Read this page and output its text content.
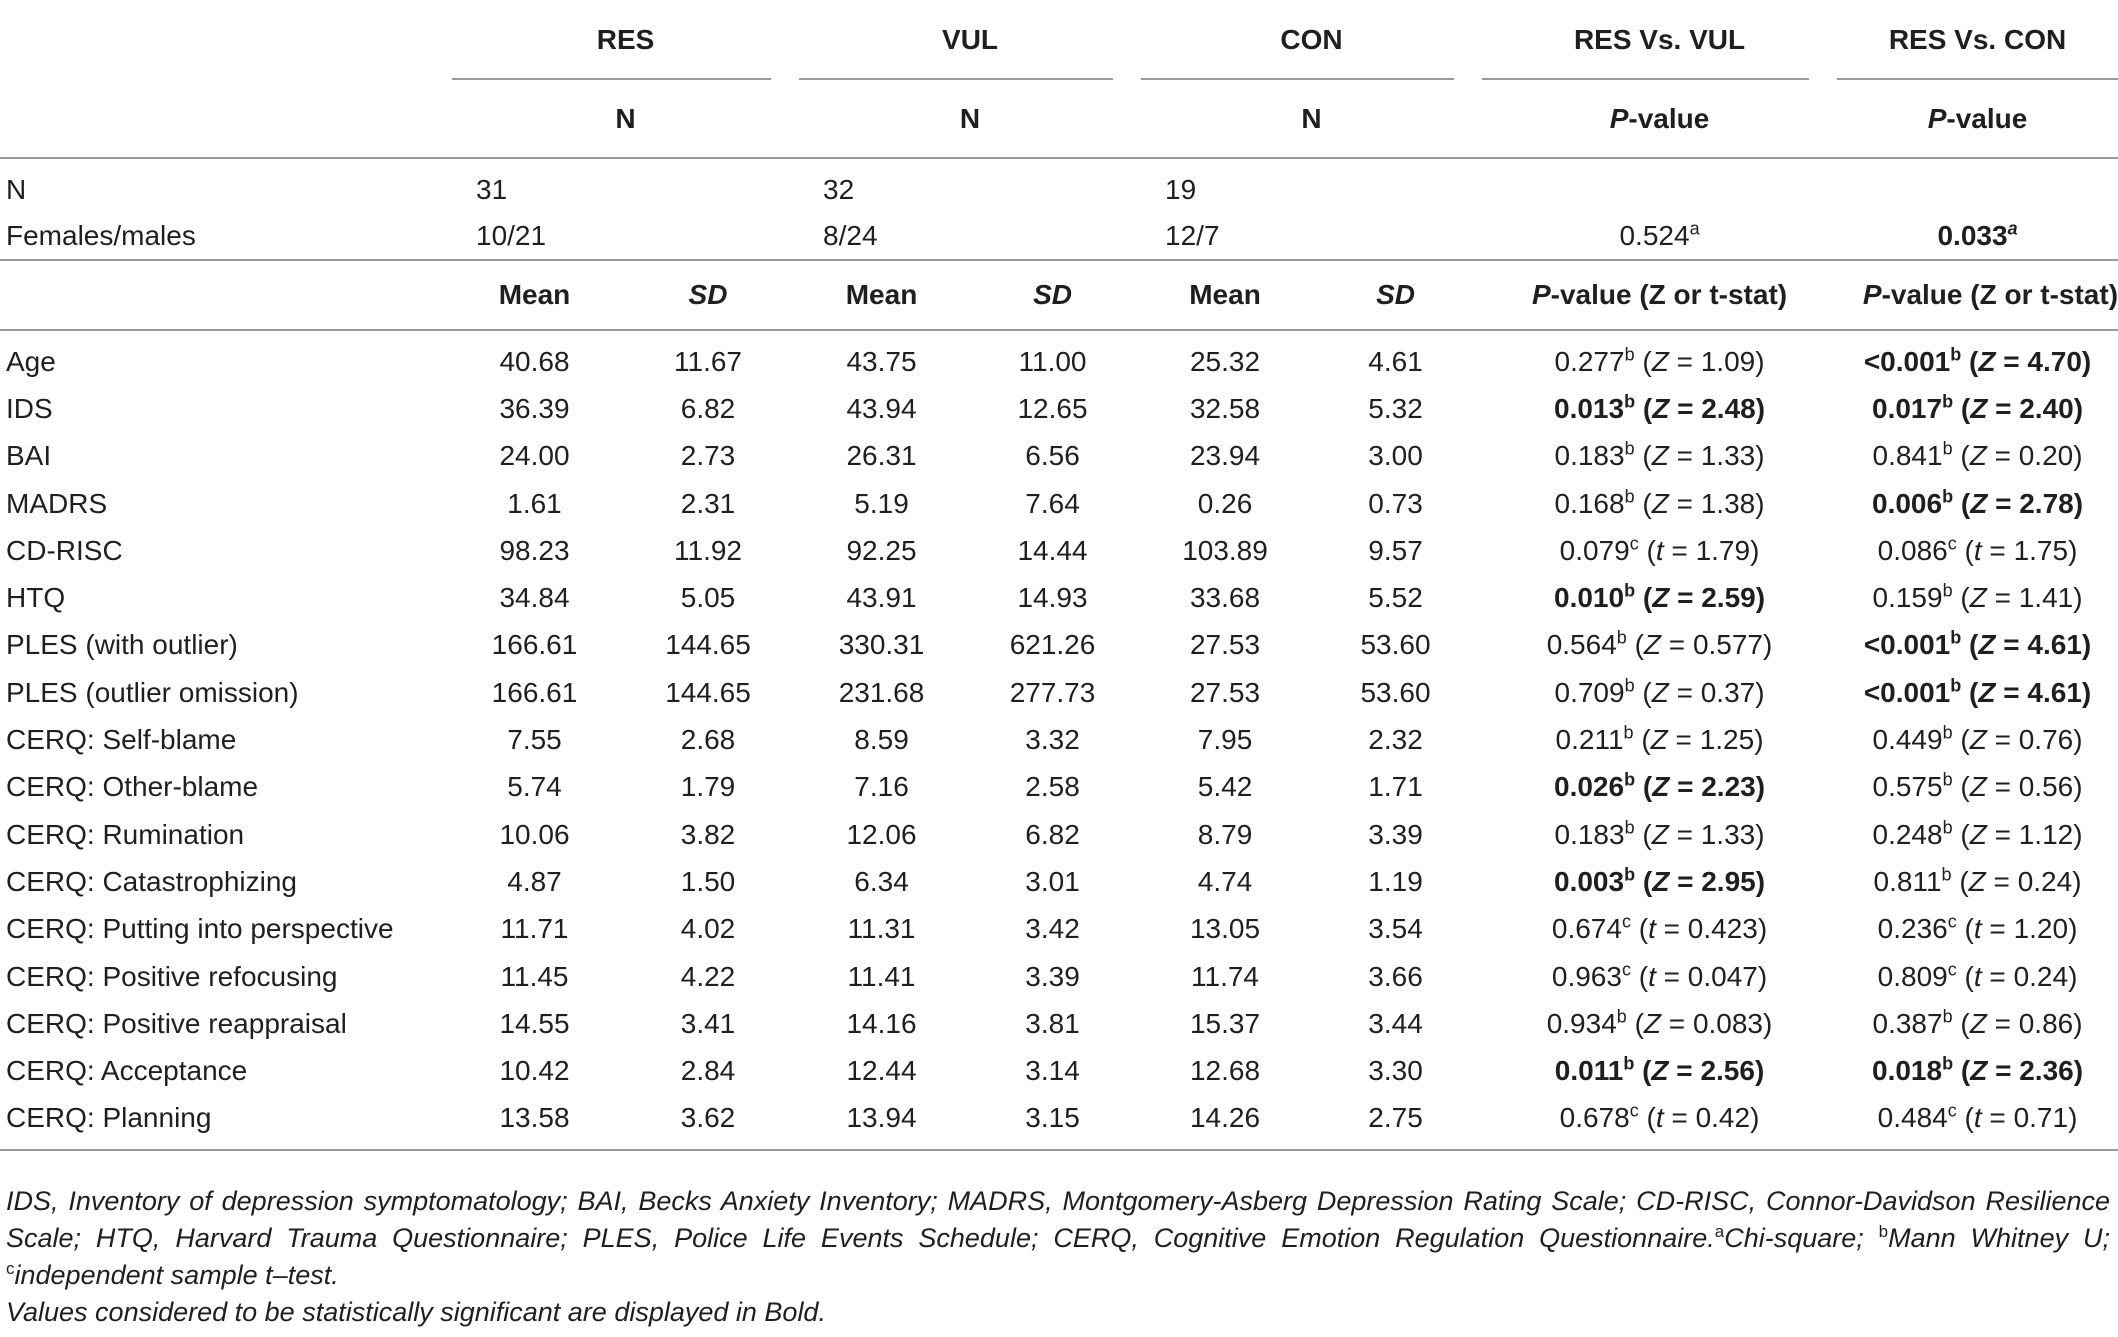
	RES		VUL		CON		RES Vs. VUL	RES Vs. CON

	N		N		N		P-value	P-value

N	31		32		19			
Females/males	10/21		8/24		12/7		0.524$^a$	0.033$^a$
	Mean	SD	Mean	SD	Mean	SD	P-value (Z or t-stat)	P-value (Z or t-stat)

Age	40.68	11.67	43.75	11.00	25.32	4.61	0.277$^b$ (Z = 1.09)	<0.001$^b$ (Z = 4.70)
IDS	36.39	6.82	43.94	12.65	32.58	5.32	0.013$^b$ (Z = 2.48)	0.017$^b$ (Z = 2.40)
BAI	24.00	2.73	26.31	6.56	23.94	3.00	0.183$^b$ (Z = 1.33)	0.841$^b$ (Z = 0.20)
MADRS	1.61	2.31	5.19	7.64	0.26	0.73	0.168$^b$ (Z = 1.38)	0.006$^b$ (Z = 2.78)
CD-RISC	98.23	11.92	92.25	14.44	103.89	9.57	0.079$^c$ (t = 1.79)	0.086$^c$ (t = 1.75)
HTQ	34.84	5.05	43.91	14.93	33.68	5.52	0.010$^b$ (Z = 2.59)	0.159$^b$ (Z = 1.41)
PLES (with outlier)	166.61	144.65	330.31	621.26	27.53	53.60	0.564$^b$ (Z = 0.577)	<0.001$^b$ (Z = 4.61)
PLES (outlier omission)	166.61	144.65	231.68	277.73	27.53	53.60	0.709$^b$ (Z = 0.37)	<0.001$^b$ (Z = 4.61)
CERQ: Self-blame	7.55	2.68	8.59	3.32	7.95	2.32	0.211$^b$ (Z = 1.25)	0.449$^b$ (Z = 0.76)
CERQ: Other-blame	5.74	1.79	7.16	2.58	5.42	1.71	0.026$^b$ (Z = 2.23)	0.575$^b$ (Z = 0.56)
CERQ: Rumination	10.06	3.82	12.06	6.82	8.79	3.39	0.183$^b$ (Z = 1.33)	0.248$^b$ (Z = 1.12)
CERQ: Catastrophizing	4.87	1.50	6.34	3.01	4.74	1.19	0.003$^b$ (Z = 2.95)	0.811$^b$ (Z = 0.24)
CERQ: Putting into perspective	11.71	4.02	11.31	3.42	13.05	3.54	0.674$^c$ (t = 0.423)	0.236$^c$ (t = 1.20)
CERQ: Positive refocusing	11.45	4.22	11.41	3.39	11.74	3.66	0.963$^c$ (t = 0.047)	0.809$^c$ (t = 0.24)
CERQ: Positive reappraisal	14.55	3.41	14.16	3.81	15.37	3.44	0.934$^b$ (Z = 0.083)	0.387$^b$ (Z = 0.86)
CERQ: Acceptance	10.42	2.84	12.44	3.14	12.68	3.30	0.011$^b$ (Z = 2.56)	0.018$^b$ (Z = 2.36)
CERQ: Planning	13.58	3.62	13.94	3.15	14.26	2.75	0.678$^c$ (t = 0.42)	0.484$^c$ (t = 0.71)

IDS, Inventory of depression symptomatology; BAI, Becks Anxiety Inventory; MADRS, Montgomery-Asberg Depression Rating Scale; CD-RISC, Connor-Davidson Resilience Scale; HTQ, Harvard Trauma Questionnaire; PLES, Police Life Events Schedule; CERQ, Cognitive Emotion Regulation Questionnaire.$^a$Chi-square; $^b$Mann Whitney U; $^c$independent sample t–test.
Values considered to be statistically significant are displayed in Bold.
